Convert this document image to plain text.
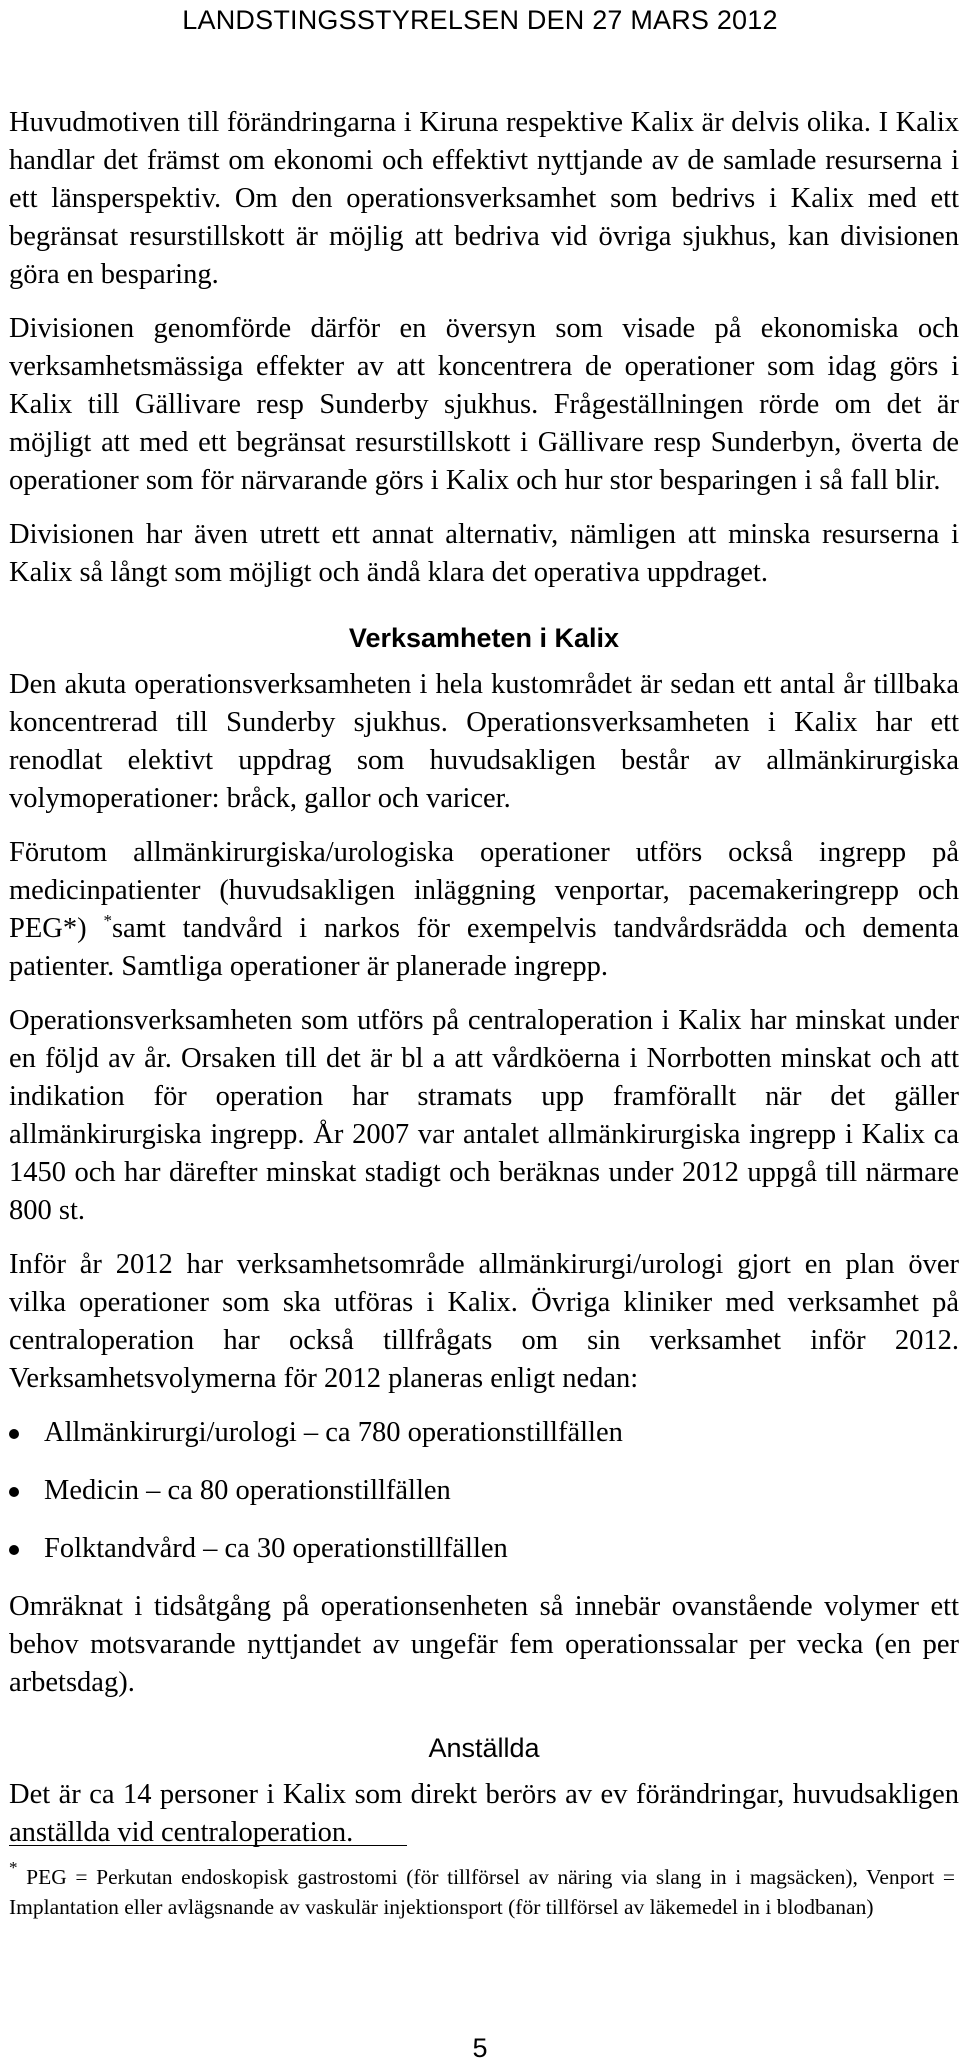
LANDSTINGSSTYRELSEN DEN 27 MARS 2012

Huvudmotiven till förändringarna i Kiruna respektive Kalix är delvis olika. I Kalix handlar det främst om ekonomi och effektivt nyttjande av de samlade resurserna i ett länsperspektiv. Om den operationsverksamhet som bedrivs i Kalix med ett begränsat resurstillskott är möjlig att bedriva vid övriga sjukhus, kan divisionen göra en besparing.

Divisionen genomförde därför en översyn som visade på ekonomiska och verksamhetsmässiga effekter av att koncentrera de operationer som idag görs i Kalix till Gällivare resp Sunderby sjukhus. Frågeställningen rörde om det är möjligt att med ett begränsat resurstillskott i Gällivare resp Sunderbyn, överta de operationer som för närvarande görs i Kalix och hur stor besparingen i så fall blir.

Divisionen har även utrett ett annat alternativ, nämligen att minska resurserna i Kalix så långt som möjligt och ändå klara det operativa uppdraget.

Verksamheten i Kalix

Den akuta operationsverksamheten i hela kustområdet är sedan ett antal år tillbaka koncentrerad till Sunderby sjukhus. Operationsverksamheten i Kalix har ett renodlat elektivt uppdrag som huvudsakligen består av allmänkirurgiska volymoperationer: bråck, gallor och varicer.

Förutom allmänkirurgiska/urologiska operationer utförs också ingrepp på medicinpatienter (huvudsakligen inläggning venportar, pacemakeringrepp och PEG*) *samt tandvård i narkos för exempelvis tandvårdsrädda och dementa patienter. Samtliga operationer är planerade ingrepp.

Operationsverksamheten som utförs på centraloperation i Kalix har minskat under en följd av år. Orsaken till det är bl a att vårdköerna i Norrbotten minskat och att indikation för operation har stramats upp framförallt när det gäller allmänkirurgiska ingrepp. År 2007 var antalet allmänkirurgiska ingrepp i Kalix ca 1450 och har därefter minskat stadigt och beräknas under 2012 uppgå till närmare 800 st.

Inför år 2012 har verksamhetsområde allmänkirurgi/urologi gjort en plan över vilka operationer som ska utföras i Kalix. Övriga kliniker med verksamhet på centraloperation har också tillfrågats om sin verksamhet inför 2012. Verksamhetsvolymerna för 2012 planeras enligt nedan:

Allmänkirurgi/urologi – ca 780 operationstillfällen
Medicin – ca 80 operationstillfällen
Folktandvård – ca 30 operationstillfällen

Omräknat i tidsåtgång på operationsenheten så innebär ovanstående volymer ett behov motsvarande nyttjandet av ungefär fem operationssalar per vecka (en per arbetsdag).

Anställda

Det är ca 14 personer i Kalix som direkt berörs av ev förändringar, huvudsakligen anställda vid centraloperation.

* PEG = Perkutan endoskopisk gastrostomi (för tillförsel av näring via slang in i magsäcken), Venport = Implantation eller avlägsnande av vaskulär injektionsport (för tillförsel av läkemedel in i blodbanan)
5
